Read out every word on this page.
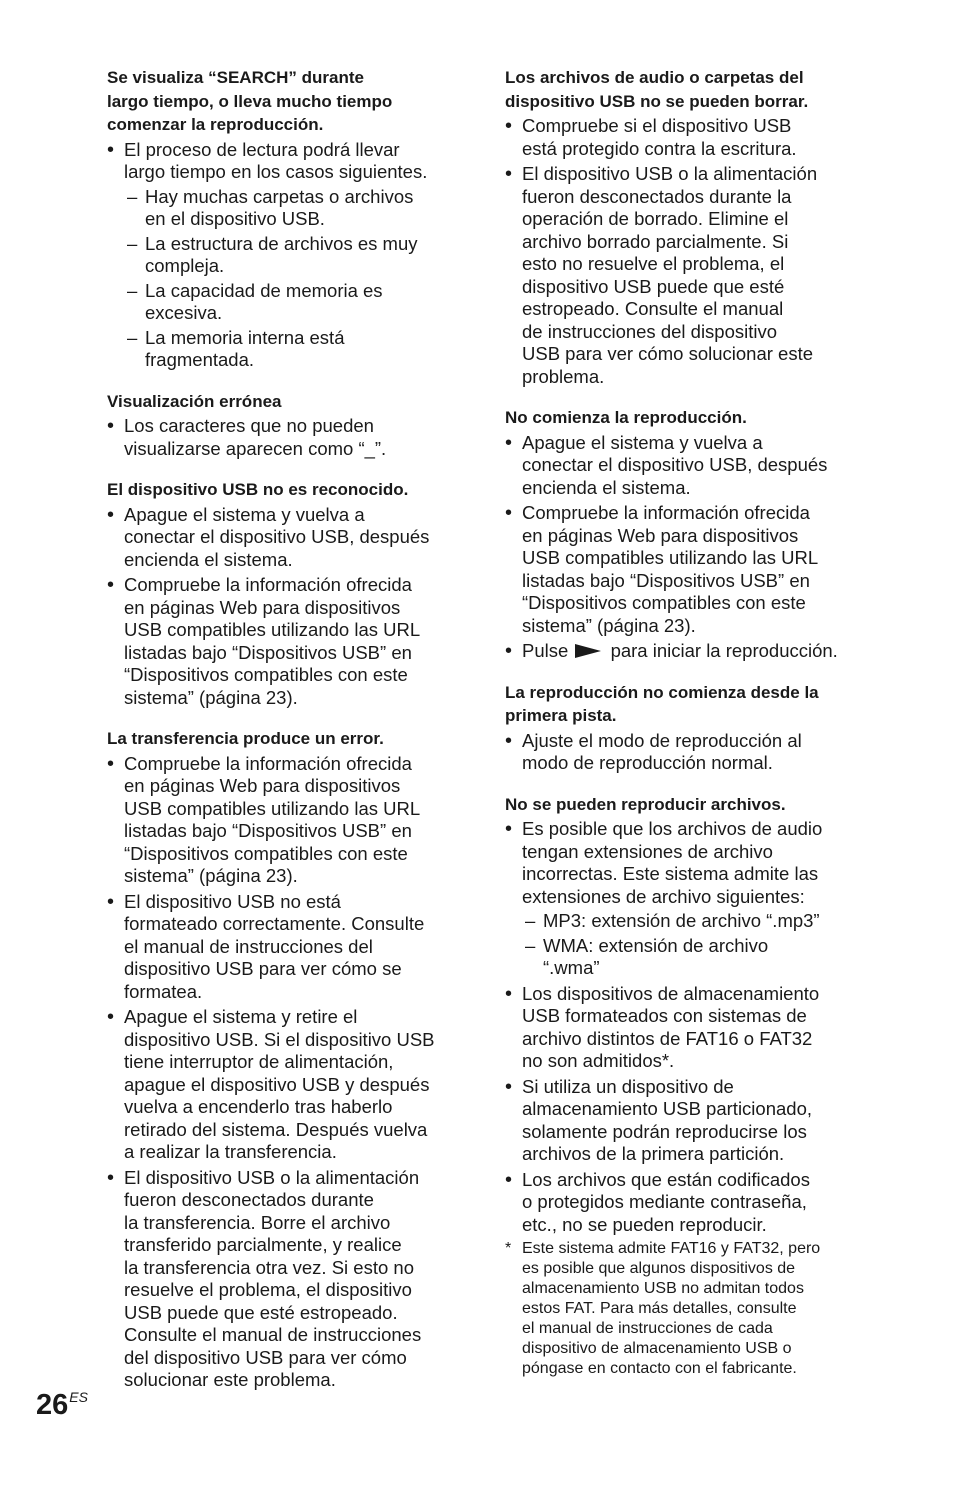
Se visualiza “SEARCH” durante
largo tiempo, o lleva mucho tiempo
comenzar la reproducción.
• El proceso de lectura podrá llevar
largo tiempo en los casos siguientes.
– Hay muchas carpetas o archivos
en el dispositivo USB.
– La estructura de archivos es muy
compleja.
– La capacidad de memoria es
excesiva.
– La memoria interna está
fragmentada.
Visualización errónea
• Los caracteres que no pueden
visualizarse aparecen como “_”.
El dispositivo USB no es reconocido.
• Apague el sistema y vuelva a
conectar el dispositivo USB, después
encienda el sistema.
• Compruebe la información ofrecida
en páginas Web para dispositivos
USB compatibles utilizando las URL
listadas bajo “Dispositivos USB” en
“Dispositivos compatibles con este
sistema” (página 23).
La transferencia produce un error.
• Compruebe la información ofrecida
en páginas Web para dispositivos
USB compatibles utilizando las URL
listadas bajo “Dispositivos USB” en
“Dispositivos compatibles con este
sistema” (página 23).
• El dispositivo USB no está
formateado correctamente. Consulte
el manual de instrucciones del
dispositivo USB para ver cómo se
formatea.
• Apague el sistema y retire el
dispositivo USB. Si el dispositivo USB
tiene interruptor de alimentación,
apague el dispositivo USB y después
vuelva a encenderlo tras haberlo
retirado del sistema. Después vuelva
a realizar la transferencia.
• El dispositivo USB o la alimentación
fueron desconectados durante
la transferencia. Borre el archivo
transferido parcialmente, y realice
la transferencia otra vez. Si esto no
resuelve el problema, el dispositivo
USB puede que esté estropeado.
Consulte el manual de instrucciones
del dispositivo USB para ver cómo
solucionar este problema.
Los archivos de audio o carpetas del
dispositivo USB no se pueden borrar.
• Compruebe si el dispositivo USB
está protegido contra la escritura.
• El dispositivo USB o la alimentación
fueron desconectados durante la
operación de borrado. Elimine el
archivo borrado parcialmente. Si
esto no resuelve el problema, el
dispositivo USB puede que esté
estropeado. Consulte el manual
de instrucciones del dispositivo
USB para ver cómo solucionar este
problema.
No comienza la reproducción.
• Apague el sistema y vuelva a
conectar el dispositivo USB, después
encienda el sistema.
• Compruebe la información ofrecida
en páginas Web para dispositivos
USB compatibles utilizando las URL
listadas bajo “Dispositivos USB” en
“Dispositivos compatibles con este
sistema” (página 23).
• Pulse para iniciar la reproducción.
La reproducción no comienza desde la
primera pista.
• Ajuste el modo de reproducción al
modo de reproducción normal.
No se pueden reproducir archivos.
• Es posible que los archivos de audio
tengan extensiones de archivo
incorrectas. Este sistema admite las
extensiones de archivo siguientes:
– MP3: extensión de archivo “.mp3”
– WMA: extensión de archivo
“.wma”
• Los dispositivos de almacenamiento
USB formateados con sistemas de
archivo distintos de FAT16 o FAT32
no son admitidos*.
• Si utiliza un dispositivo de
almacenamiento USB particionado,
solamente podrán reproducirse los
archivos de la primera partición.
• Los archivos que están codificados
o protegidos mediante contraseña,
etc., no se pueden reproducir.
* Este sistema admite FAT16 y FAT32, pero
es posible que algunos dispositivos de
almacenamiento USB no admitan todos
estos FAT. Para más detalles, consulte
el manual de instrucciones de cada
dispositivo de almacenamiento USB o
póngase en contacto con el fabricante.
$26^{ES}$
